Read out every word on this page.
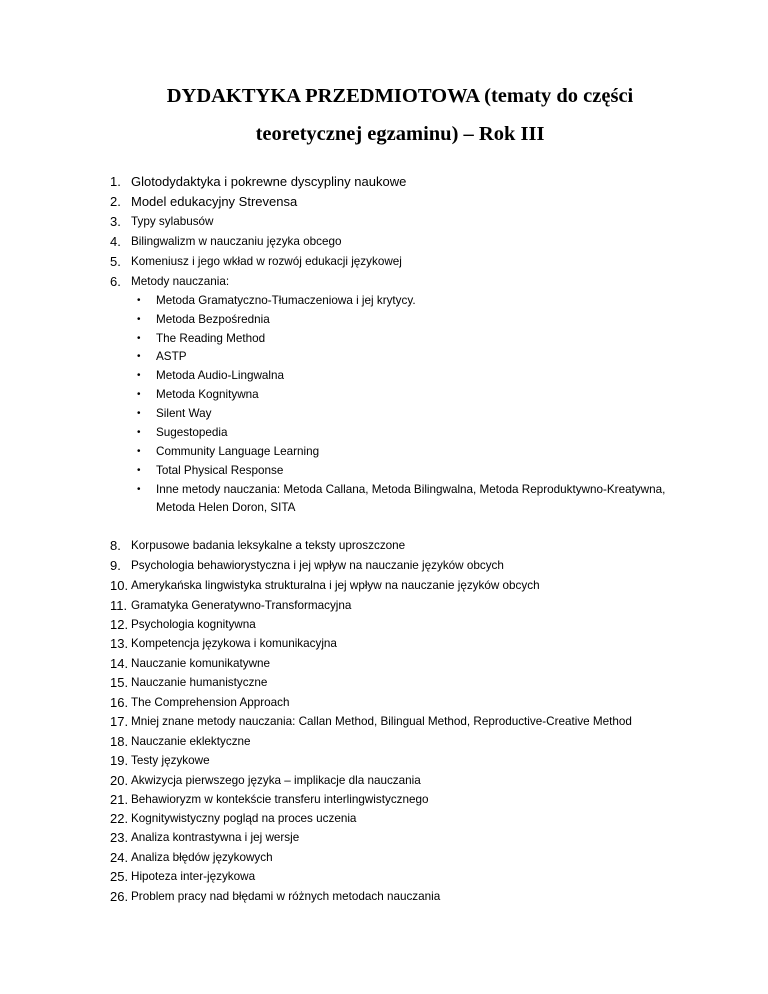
DYDAKTYKA PRZEDMIOTOWA (tematy do części
teoretycznej egzaminu) – Rok III
1. Glotodydaktyka i pokrewne dyscypliny naukowe
2. Model edukacyjny Strevensa
3. Typy sylabusów
4. Bilingwalizm w nauczaniu języka obcego
5. Komeniusz i jego wkład w rozwój edukacji językowej
6. Metody nauczania:
• Metoda Gramatyczno-Tłumaczeniowa i jej krytycy.
• Metoda Bezpośrednia
• The Reading Method
• ASTP
• Metoda Audio-Lingwalna
• Metoda Kognitywna
• Silent Way
• Sugestopedia
• Community Language Learning
• Total Physical Response
• Inne metody nauczania: Metoda Callana, Metoda Bilingwalna, Metoda Reproduktywno-Kreatywna,
Metoda Helen Doron, SITA
8. Korpusowe badania leksykalne a teksty uproszczone
9. Psychologia behawiorystyczna i jej wpływ na nauczanie języków obcych
10. Amerykańska lingwistyka strukturalna i jej wpływ na nauczanie języków obcych
11. Gramatyka Generatywno-Transformacyjna
12. Psychologia kognitywna
13. Kompetencja językowa i komunikacyjna
14. Nauczanie komunikatywne
15. Nauczanie humanistyczne
16. The Comprehension Approach
17. Mniej znane metody nauczania: Callan Method, Bilingual Method, Reproductive-Creative Method
18. Nauczanie eklektyczne
19. Testy językowe
20. Akwizycja pierwszego języka – implikacje dla nauczania
21. Behawioryzm w kontekście transferu interlingwistycznego
22. Kognitywistyczny pogląd na proces uczenia
23. Analiza kontrastywna i jej wersje
24. Analiza błędów językowych
25. Hipoteza inter-językowa
26. Problem pracy nad błędami w różnych metodach nauczania
